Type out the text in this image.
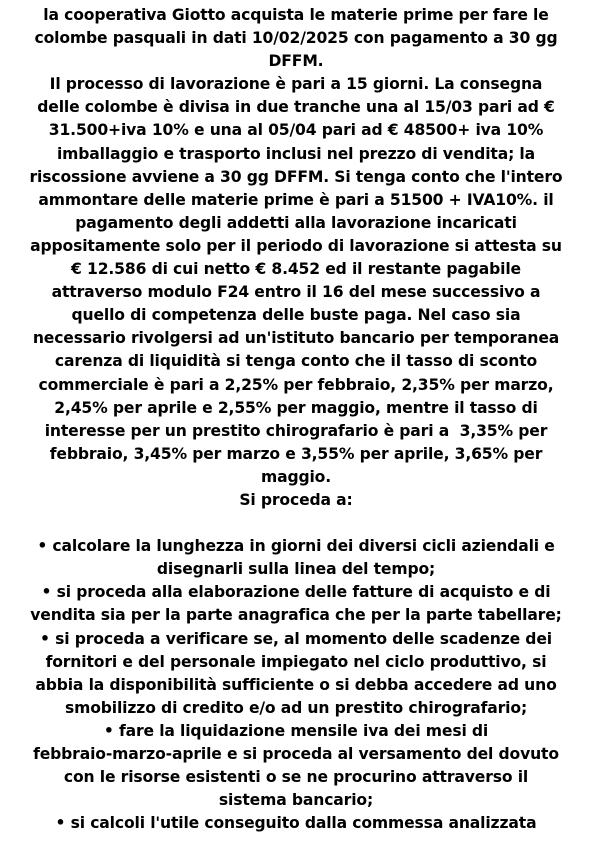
la cooperativa Giotto acquista le materie prime per fare le
colombe pasquali in dati 10/02/2025 con pagamento a 30 gg
DFFM.
Il processo di lavorazione è pari a 15 giorni. La consegna
delle colombe è divisa in due tranche una al 15/03 pari ad €
31.500+iva 10% e una al 05/04 pari ad € 48500+ iva 10%
imballaggio e trasporto inclusi nel prezzo di vendita; la
riscossione avviene a 30 gg DFFM. Si tenga conto che l'intero
ammontare delle materie prime è pari a 51500 + IVA10%. il
pagamento degli addetti alla lavorazione incaricati
appositamente solo per il periodo di lavorazione si attesta su
€ 12.586 di cui netto € 8.452 ed il restante pagabile
attraverso modulo F24 entro il 16 del mese successivo a
quello di competenza delle buste paga. Nel caso sia
necessario rivolgersi ad un'istituto bancario per temporanea
carenza di liquidità si tenga conto che il tasso di sconto
commerciale è pari a 2,25% per febbraio, 2,35% per marzo,
2,45% per aprile e 2,55% per maggio, mentre il tasso di
interesse per un prestito chirografario è pari a  3,35% per
febbraio, 3,45% per marzo e 3,55% per aprile, 3,65% per
maggio.
Si proceda a:
• calcolare la lunghezza in giorni dei diversi cicli aziendali e
disegnarli sulla linea del tempo;
• si proceda alla elaborazione delle fatture di acquisto e di
vendita sia per la parte anagrafica che per la parte tabellare;
• si proceda a verificare se, al momento delle scadenze dei
fornitori e del personale impiegato nel ciclo produttivo, si
abbia la disponibilità sufficiente o si debba accedere ad uno
smobilizzo di credito e/o ad un prestito chirografario;
• fare la liquidazione mensile iva dei mesi di
febbraio-marzo-aprile e si proceda al versamento del dovuto
con le risorse esistenti o se ne procurino attraverso il
sistema bancario;
• si calcoli l'utile conseguito dalla commessa analizzata
